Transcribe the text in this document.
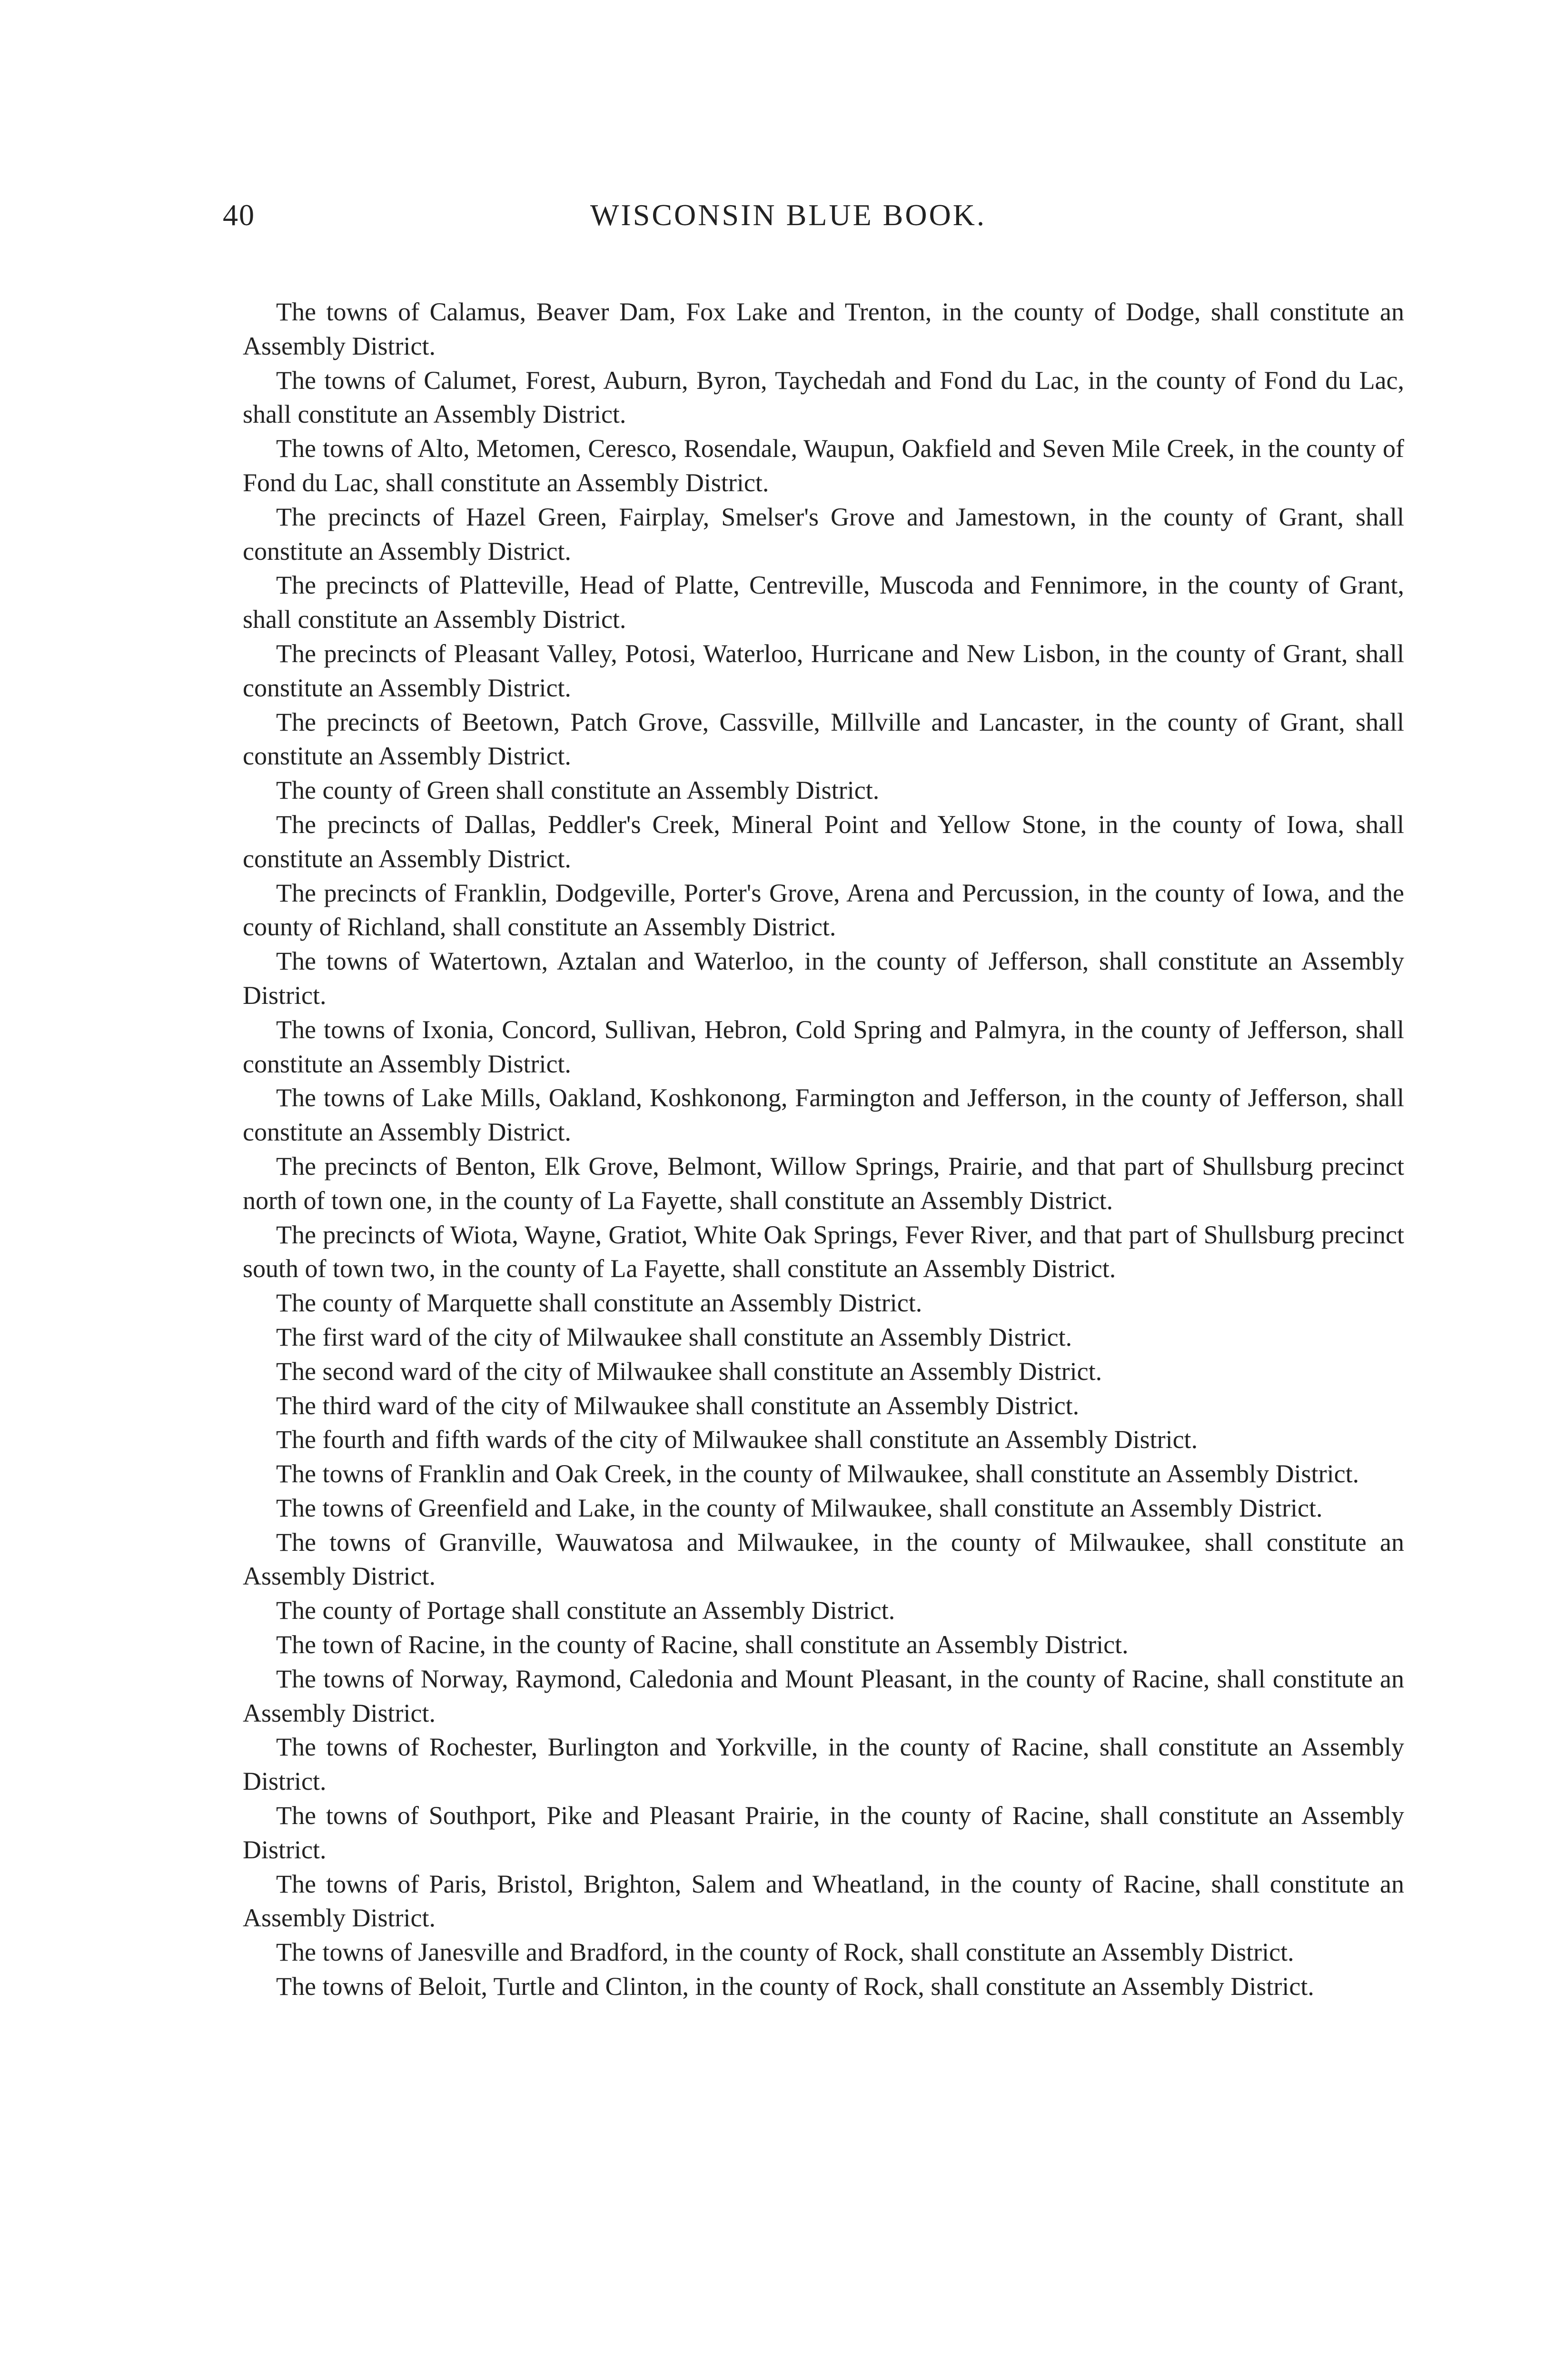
40	WISCONSIN BLUE BOOK.

The towns of Calamus, Beaver Dam, Fox Lake and Trenton, in the county of Dodge, shall constitute an Assembly District.

The towns of Calumet, Forest, Auburn, Byron, Taychedah and Fond du Lac, in the county of Fond du Lac, shall constitute an Assembly District.

The towns of Alto, Metomen, Ceresco, Rosendale, Waupun, Oakfield and Seven Mile Creek, in the county of Fond du Lac, shall constitute an Assembly District.

The precincts of Hazel Green, Fairplay, Smelser's Grove and Jamestown, in the county of Grant, shall constitute an Assembly District.

The precincts of Platteville, Head of Platte, Centreville, Muscoda and Fennimore, in the county of Grant, shall constitute an Assembly District.

The precincts of Pleasant Valley, Potosi, Waterloo, Hurricane and New Lisbon, in the county of Grant, shall constitute an Assembly District.

The precincts of Beetown, Patch Grove, Cassville, Millville and Lancaster, in the county of Grant, shall constitute an Assembly District.

The county of Green shall constitute an Assembly District.

The precincts of Dallas, Peddler's Creek, Mineral Point and Yellow Stone, in the county of Iowa, shall constitute an Assembly District.

The precincts of Franklin, Dodgeville, Porter's Grove, Arena and Percussion, in the county of Iowa, and the county of Richland, shall constitute an Assembly District.

The towns of Watertown, Aztalan and Waterloo, in the county of Jefferson, shall constitute an Assembly District.

The towns of Ixonia, Concord, Sullivan, Hebron, Cold Spring and Palmyra, in the county of Jefferson, shall constitute an Assembly District.

The towns of Lake Mills, Oakland, Koshkonong, Farmington and Jefferson, in the county of Jefferson, shall constitute an Assembly District.

The precincts of Benton, Elk Grove, Belmont, Willow Springs, Prairie, and that part of Shullsburg precinct north of town one, in the county of La Fayette, shall constitute an Assembly District.

The precincts of Wiota, Wayne, Gratiot, White Oak Springs, Fever River, and that part of Shullsburg precinct south of town two, in the county of La Fayette, shall constitute an Assembly District.

The county of Marquette shall constitute an Assembly District.

The first ward of the city of Milwaukee shall constitute an Assembly District.

The second ward of the city of Milwaukee shall constitute an Assembly District.

The third ward of the city of Milwaukee shall constitute an Assembly District.

The fourth and fifth wards of the city of Milwaukee shall constitute an Assembly District.

The towns of Franklin and Oak Creek, in the county of Milwaukee, shall constitute an Assembly District.

The towns of Greenfield and Lake, in the county of Milwaukee, shall constitute an Assembly District.

The towns of Granville, Wauwatosa and Milwaukee, in the county of Milwaukee, shall constitute an Assembly District.

The county of Portage shall constitute an Assembly District.

The town of Racine, in the county of Racine, shall constitute an Assembly District.

The towns of Norway, Raymond, Caledonia and Mount Pleasant, in the county of Racine, shall constitute an Assembly District.

The towns of Rochester, Burlington and Yorkville, in the county of Racine, shall constitute an Assembly District.

The towns of Southport, Pike and Pleasant Prairie, in the county of Racine, shall constitute an Assembly District.

The towns of Paris, Bristol, Brighton, Salem and Wheatland, in the county of Racine, shall constitute an Assembly District.

The towns of Janesville and Bradford, in the county of Rock, shall constitute an Assembly District.

The towns of Beloit, Turtle and Clinton, in the county of Rock, shall constitute an Assembly District.
